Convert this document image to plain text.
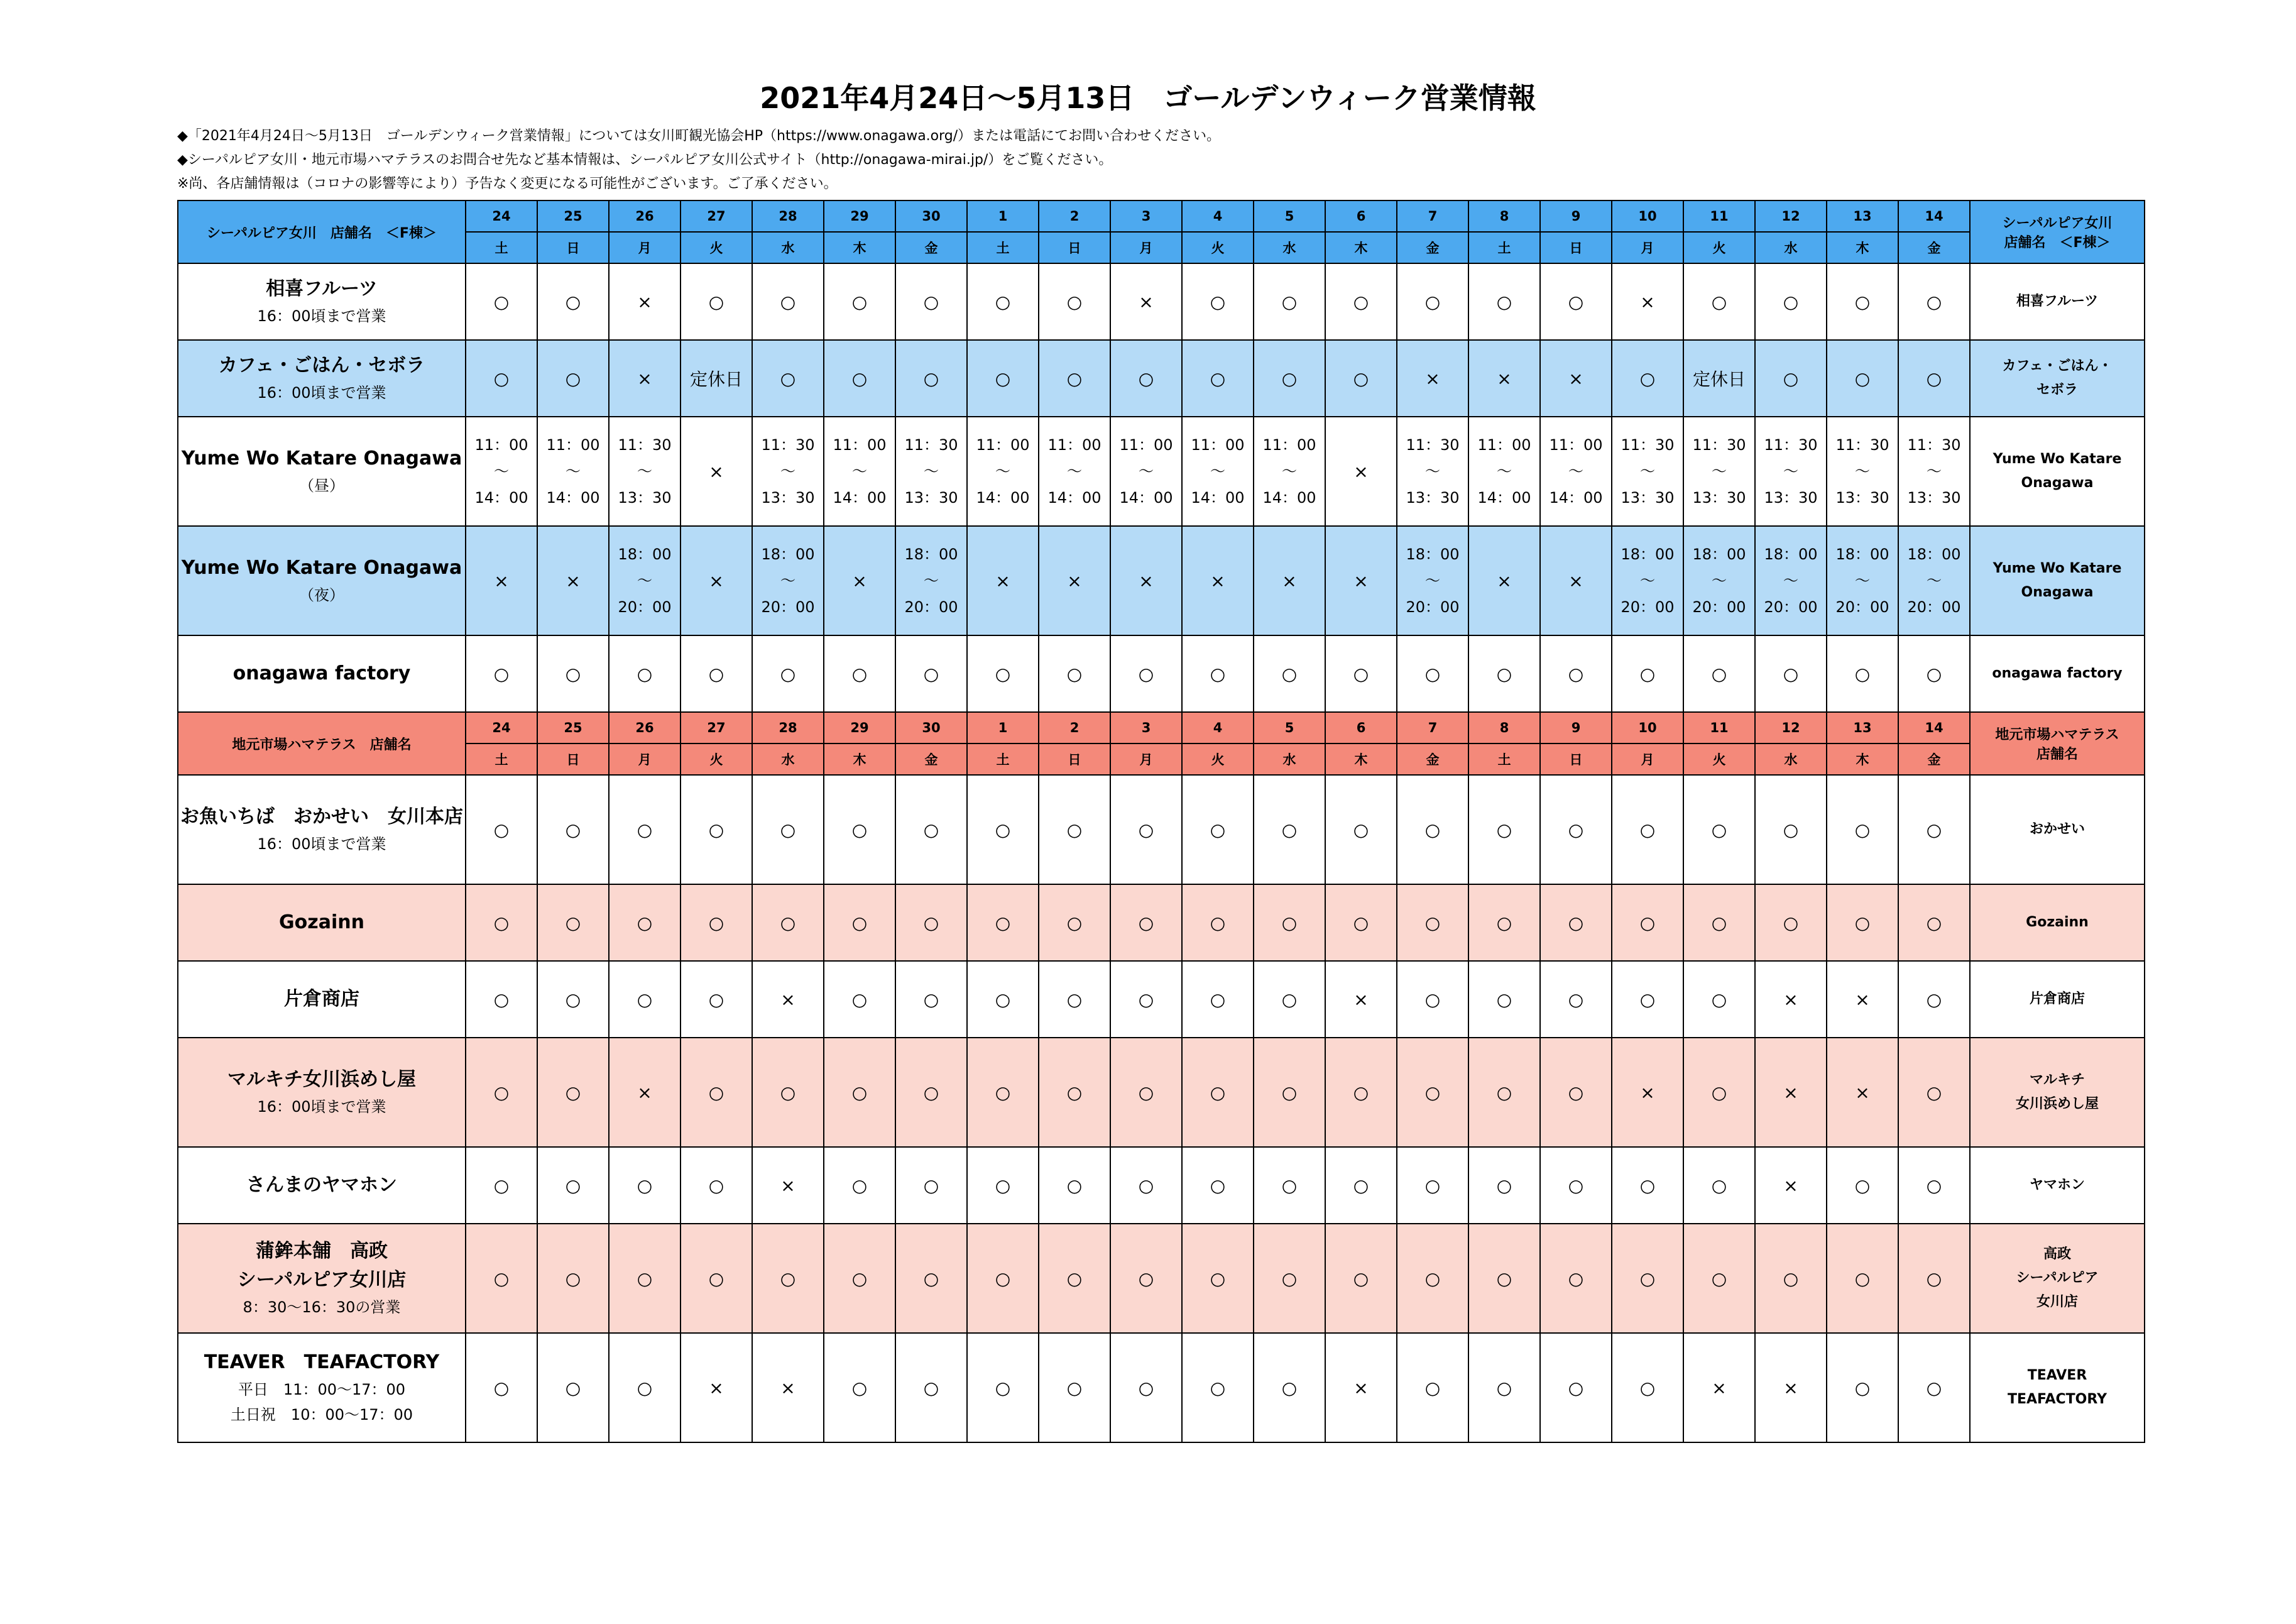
2021年4月24日〜5月13日　ゴールデンウィーク営業情報
◆「2021年4月24日〜5月13日　ゴールデンウィーク営業情報」については女川町観光協会HP（https://www.onagawa.org/）または電話にてお問い合わせください。
◆シーパルピア女川・地元市場ハマテラスのお問合せ先など基本情報は、シーパルピア女川公式サイト（http://onagawa-mirai.jp/）をご覧ください。
※尚、各店舗情報は（コロナの影響等により）予告なく変更になる可能性がございます。ご了承ください。
シーパルピア女川　店舗名　＜F棟＞	24	25	26	27	28	29	30	1	2	3	4	5	6	7	8	9	10	11	12	13	14	シーパルピア女川
店舗名　＜F棟＞
	土	日	月	火	水	木	金	土	日	月	火	水	木	金	土	日	月	火	水	木	金	
相喜フルーツ
16：00頃まで営業	○	○	×	○	○	○	○	○	○	×	○	○	○	○	○	○	×	○	○	○	○	相喜フルーツ
カフェ・ごはん・セボラ
16：00頃まで営業	○	○	×	定休日	○	○	○	○	○	○	○	○	○	×	×	×	○	定休日	○	○	○	カフェ・ごはん・
セボラ
Yume Wo Katare Onagawa
（昼）	11：00
〜
14：00	11：00
〜
14：00	11：30
〜
13：30	×	11：30
〜
13：30	11：00
〜
14：00	11：30
〜
13：30	11：00
〜
14：00	11：00
〜
14：00	11：00
〜
14：00	11：00
〜
14：00	11：00
〜
14：00	×	11：30
〜
13：30	11：00
〜
14：00	11：00
〜
14：00	11：30
〜
13：30	11：30
〜
13：30	11：30
〜
13：30	11：30
〜
13：30	11：30
〜
13：30	Yume Wo Katare
Onagawa
Yume Wo Katare Onagawa
（夜）	×	×	18：00
〜
20：00	×	18：00
〜
20：00	×	18：00
〜
20：00	×	×	×	×	×	×	18：00
〜
20：00	×	×	18：00
〜
20：00	18：00
〜
20：00	18：00
〜
20：00	18：00
〜
20：00	18：00
〜
20：00	Yume Wo Katare
Onagawa
onagawa factory	○	○	○	○	○	○	○	○	○	○	○	○	○	○	○	○	○	○	○	○	○	onagawa factory
地元市場ハマテラス　店舗名	24	25	26	27	28	29	30	1	2	3	4	5	6	7	8	9	10	11	12	13	14	地元市場ハマテラス
店舗名
	土	日	月	火	水	木	金	土	日	月	火	水	木	金	土	日	月	火	水	木	金	
お魚いちば　おかせい　女川本店
16：00頃まで営業	○	○	○	○	○	○	○	○	○	○	○	○	○	○	○	○	○	○	○	○	○	おかせい
Gozainn	○	○	○	○	○	○	○	○	○	○	○	○	○	○	○	○	○	○	○	○	○	Gozainn
片倉商店	○	○	○	○	×	○	○	○	○	○	○	○	×	○	○	○	○	○	×	×	○	片倉商店
マルキチ女川浜めし屋
16：00頃まで営業	○	○	×	○	○	○	○	○	○	○	○	○	○	○	○	○	×	○	×	×	○	マルキチ
女川浜めし屋
さんまのヤマホン	○	○	○	○	×	○	○	○	○	○	○	○	○	○	○	○	○	○	×	○	○	ヤマホン
蒲鉾本舗　高政
シーパルピア女川店
8：30〜16：30の営業	○	○	○	○	○	○	○	○	○	○	○	○	○	○	○	○	○	○	○	○	○	高政
シーパルピア
女川店
TEAVER　TEAFACTORY
平日　11：00〜17：00
土日祝　10：00〜17：00	○	○	○	×	×	○	○	○	○	○	○	○	×	○	○	○	○	×	×	○	○	TEAVER
TEAFACTORY
